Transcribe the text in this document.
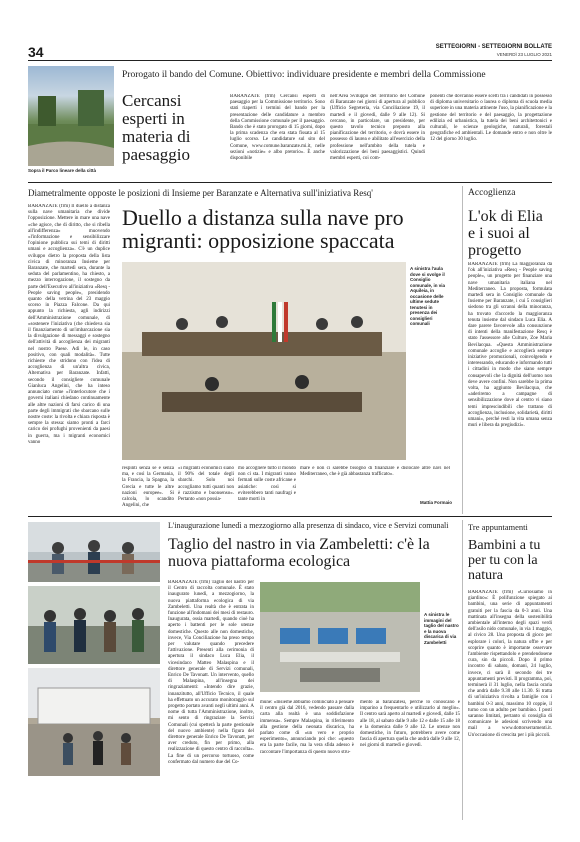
34	SETTEGIORNI - SETTEGIORNI BOLLATE
VENERDÌ 23 LUGLIO 2021
Prorogato il bando del Comune. Obiettivo: individuare presidente e membri della Commissione
Sopra il Parco lineare della città
Cercansi esperti in materia di paesaggio
BARANZATE (frm) Cercansi esperti di paesaggio per la Commissione territorio. Sono stati riaperti i termini del bando per la presentazione delle candidature a membro della Commissione comunale per il paesaggio. Bando che è stato prorogato di 15 giorni, dopo la prima scadenza che era stata fissata al 15 luglio scorso. Le candidature sul sito del Comune, www.comune.baranzate.mi.it, nelle sezioni «notizie» e albo pretorio». È anche disponibile
nell'Area Sviluppo del Territorio del Comune di Baranzate nei giorni di apertura al pubblico (Ufficio Segreteria, via Conciliazione 19, il martedì e il giovedì, dalle 9 alle 12). Si cercano, in particolare, un presidente, per questo tavolo tecnico preposto alla pianificazione del territorio, e dovrà essere in possesso di laurea e abilitato all'esercizio della professione nell'ambito della tutela e valorizzazione dei beni paesaggistici. Quindi membri esperti, coi com-
ponenti che dovranno essere scelti tra i candidati in possesso di diploma universitario o laurea o diploma di scuola media superiore in una materia attinente l'uso, la pianificazione e la gestione del territorio e del paesaggio, la progettazione edilizia ed urbanistica, la tutela dei beni architettonici e culturali, le scienze geologiche, naturali, forestali geografiche ed ambientali. Le domande entro e non oltre le 12 del giorno 30 luglio.
Diametralmente opposte le posizioni di Insieme per Baranzate e Alternativa sull'iniziativa Resq'
BARANZATE (frm) Il duello a distanza sulla nave umanitaria che divide l'opposizione. Mettere in mare una nave «che agisce, che di diritto, che si ribella all'indifferenza» muovendo «l'informazione e sensibilizzare l'opinione pubblica sui temi di diritti umani e accoglienza». C'è un duplice sviluppo dietro la proposta della lista civica di minoranza Insieme per Baranzate, che martedì sera, durante la seduta del parlamentino, ha chiesto, a mezzo interrogazione, il sostegno da parte dell'Esecutivo all'iniziativa «Resq - People saving people», presidendo quanto della vetrina del 23 maggio scorso in Piazza Falcone. Da qui appunto la richiesta, agli indirizzi dell'Amministrazione comunale, di «sostenere l'iniziativa (che chiedeva sia il finanziamento di un'imbarcazione sia la divulgazione di messaggi e sostegno dell'attività di accoglienza dei migranti nel nostro Paese. Adì le, in caso positivo, con quali modalità». Tutte richieste che stridono con l'idea di accoglienza di un'altra civica, Alternativa per Baranzate. Infatti, secondo il consigliere comunale Gianluca Angelini, che ha inteso annunciato come «l'interlocutore che i governi italiani chiedano continuamente alle altre nazioni di farsi carico di una parte degli immigrati che sbarcano sulle nostre coste: la rivolta e chiara risposta è sempre la stessa: siamo pronti a farci carico dei profughi provenienti da paesi in guerra, ma i migranti economici vanno
Duello a distanza sulla nave pro migranti: opposizione spaccata
A sinistra l'aula dove si svolge il Consiglio comunale, in via Aquileia, in occasione delle ultime sedute tenutesi in presenza dei consiglieri comunali
respinti senza se e senza ma, e così la Germania, la Francia, la Spagna, la Grecia e tutte le altre nazioni europee». Si calcola, lo scandito Angelini, che
«i migranti economici siano il 90% del totale degli sbarchi. Solo noi accogliamo tutti quanti non è razzismo e buonsenso». Pertanto «non possia-
mo accogliere tutto il mondo non ci sta. I migranti vanno fermati sulle coste africane e asiatiche: così si eviterebbero tanti naufragi e tante morti in
mare e non ci sarebbe bisogno di finanziare e dislocare altre navi nel Mediterraneo, che è già abbastanza trafficato».
Mattia Formaio
Accoglienza
L'ok di Elia e i suoi al progetto
BARANZATE (frm) La maggioranza dà l'ok all'iniziativa «Resq - People saving people», un progetto per finanziare una nave umanitaria italiana nel Mediterraneo. La proposta, formulata martedì sera in Consiglio comunale da Insieme per Baranzate, i cui 5 consiglieri siedono tra gli scranni della minoranza, ha trovato d'accordo la maggioranza tenuta insieme dal sindaco Luca Elia. A dare parere favorevole alla consunzione di intenti della manifestazione Resq è stato l'assessore alle Culture, Zoe Maria Bevilacqua. «Questa Amministrazione comunale accoglie e accoglierà sempre iniziative promozionali, coinvolgendo e interessando, educando e informando tutti i cittadini in modo che siano sempre consapevoli che la dignità dell'uomo non deve avere confini. Non sarebbe la prima volta, ha aggiunto Bevilacqua, che «aderiremo a campagne di sensibilizzazione dove al centro vi siano temi imprescindibili che trattano di accoglienza, inclusione, solidarietà, diritti umani», perché resti la vita umana senza muri e libera da pregiudizi».
L'inaugurazione lunedì a mezzogiorno alla presenza di sindaco, vice e Servizi comunali
Taglio del nastro in via Zambeletti: c'è la nuova piattaforma ecologica
BARANZATE (frm) Taglio del nastro per il Centro di raccolta comunale. È stato inaugurato lunedì, a mezzogiorno, la nuova piattaforma ecologica di via Zambeletti. Una realtà che è entrata in funzione all'indomani dei mesi di restauro. Inaugurata, ossia martedì, quando cioè ha aperto i battenti per le sole utenze domestiche. Questo alle non domestiche, invece, Via Conciliazione ha preso tempo per valutare quando precedere l'attivazione. Presenti alla cerimonia di apertura il sindaco Luca Elia, il vicesindaco Matteo Malaspina e il direttore generale di Servizi comunali, Enrico De Tavonatt. Un intervento, quello di Malaspina, all'insegna dei ringraziamenti: «Intendo dire grazie, innanzitutto, all'Ufficio Tecnico, il quale ha effettuato un accurato monitoraggio sul progetto portato avanti negli ultimi anni. A nome di tutta l'Amministrazione, inoltre, mi sento di ringraziare la Servizi Comunali (cui spetterà la parte gestionale del nuovo ambiente) nella figura del direttore generale Enrico De Tavonatt, per aver creduto, fin per primo, alla realizzazione di questo centro di raccolta». La fine di un percorso tortuoso, come confermato dal numero due del Co-
A sinistra le immagini del taglio del nastro e la nuova discarica di via Zambeletti
mune: «Insieme abbiamo cominciato a pensare il centro già dal 2016, vedendo passare dalla carta alla realtà è una soddisfazione immensa». Sempre Malaspina, in riferimento alla gestione della neonata discarica, ha parlato come di «un vero e proprio esperimento», annunciando poi che: «questo era la parte facile, ma la vera sfida adesso è raccontare l'importanza di questo nuovo stru-
mento ai baranzatesi, perché lo conoscano e imparino a frequentarlo e utilizzarlo al meglio». Il centro sarà aperto al martedì e giovedì, dalle 15 alle 18, al sabato dalle 9 alle 12 e dalle 15 alle 18 e la domenica dalle 9 alle 12. Le utenze non domestiche, in futuro, potrebbero avere come fascia di apertura quella che andrà dalle 9 alle 12, nei giorni di martedì e giovedì.
Tre appuntamenti
Bambini a tu per tu con la natura
BARANZATE (frm) «Curiosiamo in giardino»: È polifunzione spiegato ai bambini, una serie di appuntamenti gratuiti per la fascia da 0-3 anni. Una mattinata all'insegna della sostenibilità ambientale all'interno degli spazi verdi dell'asilo nido comunale, in via 1 maggio, al civico 28. Una proposta di gioco per esplorare i colori, la natura offre e per scoprire quanto è importante osservare l'ambiente rispettandolo e prendendosene cura, sin da piccoli. Dopo il primo incontro di sabato, domani, 24 luglio, invece, ci sarà il secondo dei tre appuntamenti previsti. Il programma, poi, terminerà il 31 luglio, nella fascia oraria che andrà dalle 9.30 alle 11.30. Si tratta di un'iniziativa rivolta a famiglie con i bambini 0-3 anni, massimo 10 coppie, il turno con un adulto per bambino. I posti saranno limitati, pertanto si consiglia di comunicare le adesioni scrivendo una mail a www.dottorserramenti.it. Un'occasione di crescita per i più piccoli.
